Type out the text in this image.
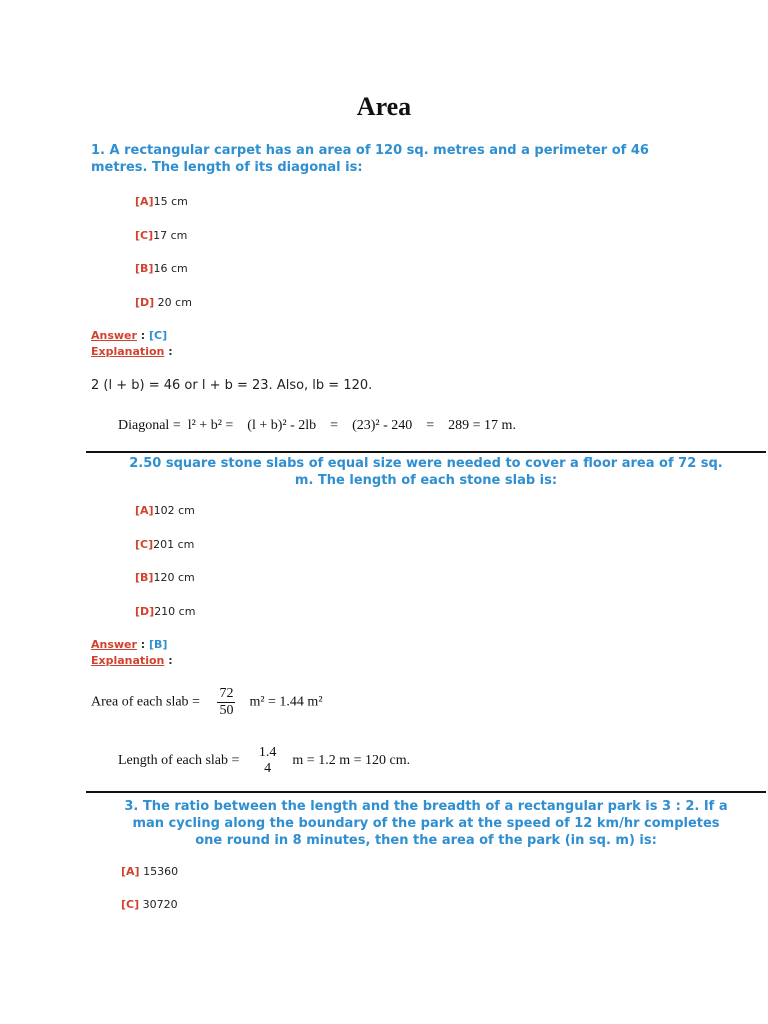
Area
1. A rectangular carpet has an area of 120 sq. metres and a perimeter of 46
metres. The length of its diagonal is:
[A]15 cm
[C]17 cm
[B]16 cm
[D] 20 cm
Answer : [C]
Explanation :
2 (l + b) = 46 or l + b = 23. Also, lb = 120.
Diagonal = l² + b² = (l + b)² - 2lb = (23)² - 240 = 289 = 17 m.
2.50 square stone slabs of equal size were needed to cover a floor area of 72 sq.
m. The length of each stone slab is:
[A]102 cm
[C]201 cm
[B]120 cm
[D]210 cm
Answer : [B]
Explanation :
Area of each slab = $\frac{72}{50} m^2 = 1.44$ m²
Length of each slab =
1.4
4
m = 1.2 m = 120 cm.
3. The ratio between the length and the breadth of a rectangular park is 3 : 2. If a
man cycling along the boundary of the park at the speed of 12 km/hr completes
one round in 8 minutes, then the area of the park (in sq. m) is:
[A] 15360
[C] 30720
